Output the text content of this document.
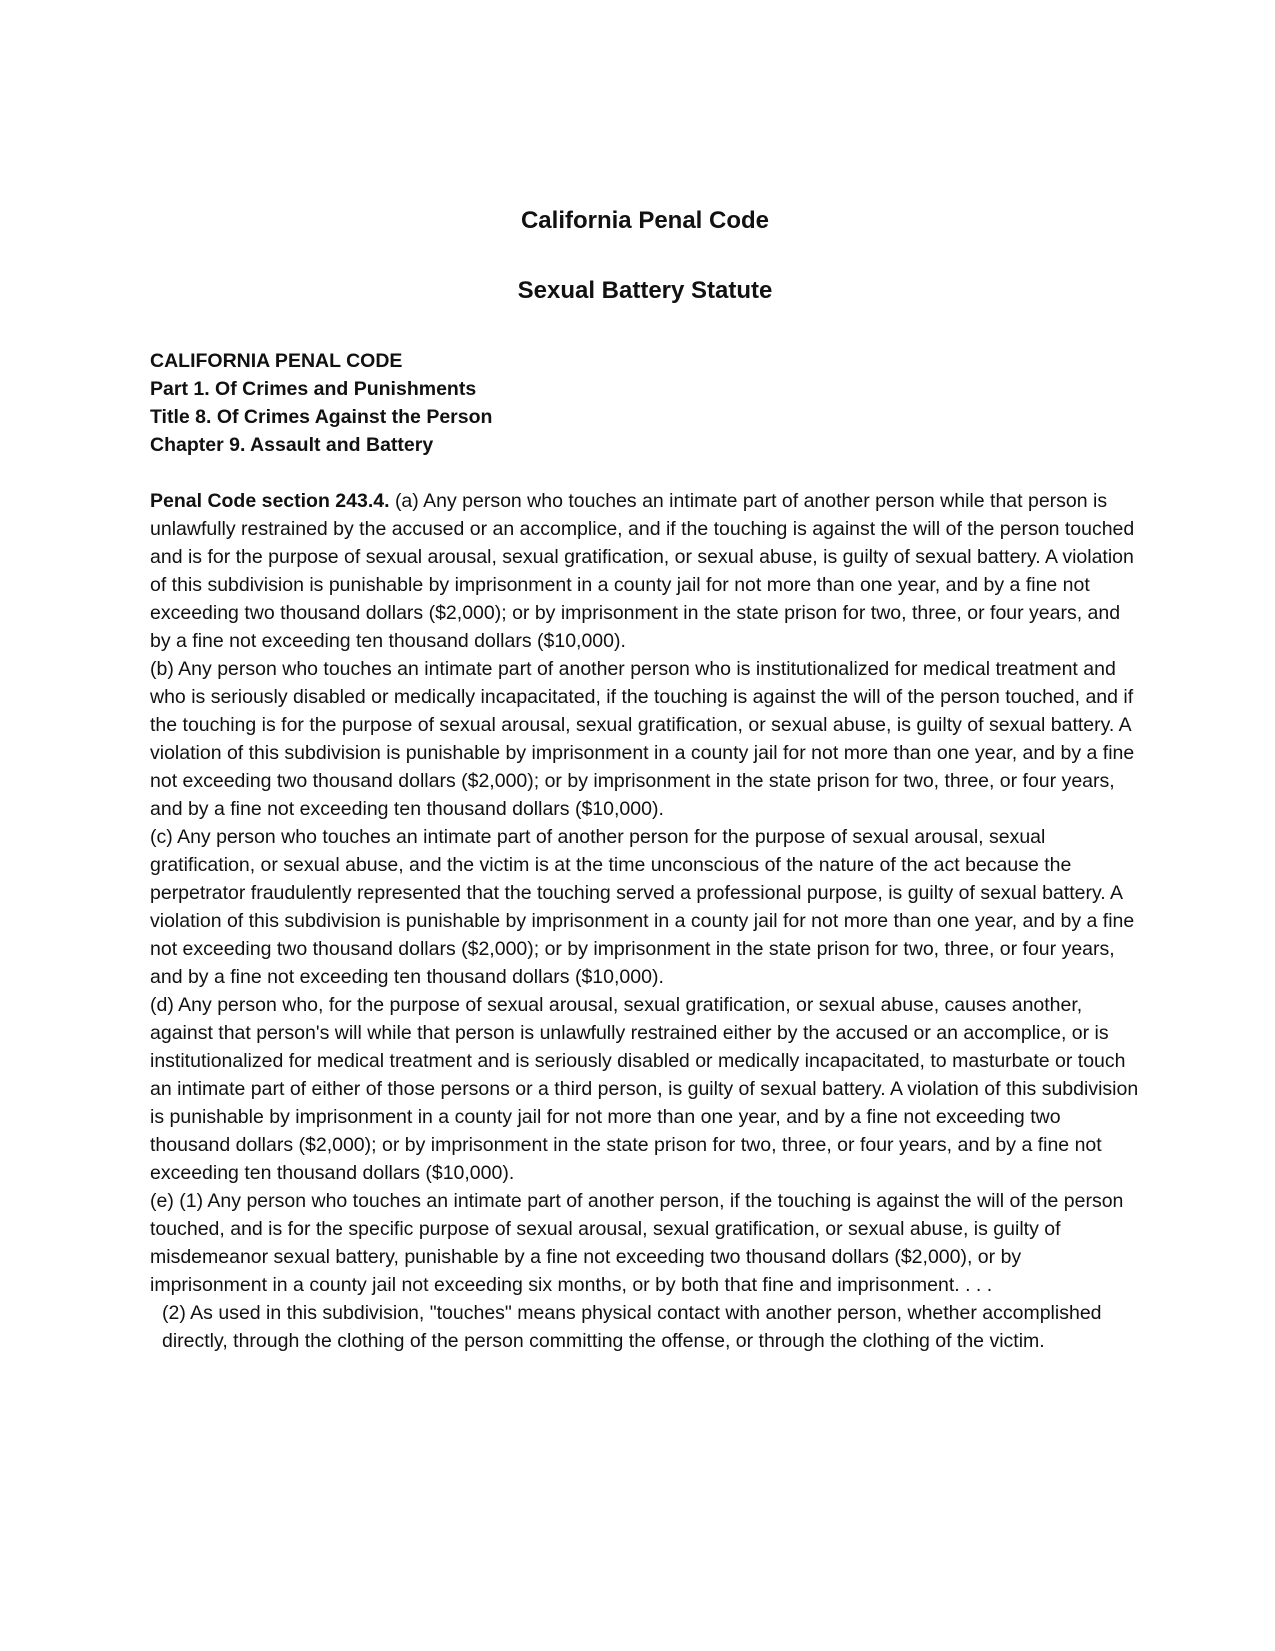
California Penal Code
Sexual Battery Statute
CALIFORNIA PENAL CODE
Part 1. Of Crimes and Punishments
Title 8. Of Crimes Against the Person
Chapter 9. Assault and Battery

Penal Code section 243.4. (a) Any person who touches an intimate part of another person while that person is unlawfully restrained by the accused or an accomplice, and if the touching is against the will of the person touched and is for the purpose of sexual arousal, sexual gratification, or sexual abuse, is guilty of sexual battery. A violation of this subdivision is punishable by imprisonment in a county jail for not more than one year, and by a fine not exceeding two thousand dollars ($2,000); or by imprisonment in the state prison for two, three, or four years, and by a fine not exceeding ten thousand dollars ($10,000).

(b) Any person who touches an intimate part of another person who is institutionalized for medical treatment and who is seriously disabled or medically incapacitated, if the touching is against the will of the person touched, and if the touching is for the purpose of sexual arousal, sexual gratification, or sexual abuse, is guilty of sexual battery. A violation of this subdivision is punishable by imprisonment in a county jail for not more than one year, and by a fine not exceeding two thousand dollars ($2,000); or by imprisonment in the state prison for two, three, or four years, and by a fine not exceeding ten thousand dollars ($10,000).

(c) Any person who touches an intimate part of another person for the purpose of sexual arousal, sexual gratification, or sexual abuse, and the victim is at the time unconscious of the nature of the act because the perpetrator fraudulently represented that the touching served a professional purpose, is guilty of sexual battery. A violation of this subdivision is punishable by imprisonment in a county jail for not more than one year, and by a fine not exceeding two thousand dollars ($2,000); or by imprisonment in the state prison for two, three, or four years, and by a fine not exceeding ten thousand dollars ($10,000).

(d) Any person who, for the purpose of sexual arousal, sexual gratification, or sexual abuse, causes another, against that person's will while that person is unlawfully restrained either by the accused or an accomplice, or is institutionalized for medical treatment and is seriously disabled or medically incapacitated, to masturbate or touch an intimate part of either of those persons or a third person, is guilty of sexual battery. A violation of this subdivision is punishable by imprisonment in a county jail for not more than one year, and by a fine not exceeding two thousand dollars ($2,000); or by imprisonment in the state prison for two, three, or four years, and by a fine not exceeding ten thousand dollars ($10,000).

(e) (1) Any person who touches an intimate part of another person, if the touching is against the will of the person touched, and is for the specific purpose of sexual arousal, sexual gratification, or sexual abuse, is guilty of misdemeanor sexual battery, punishable by a fine not exceeding two thousand dollars ($2,000), or by imprisonment in a county jail not exceeding six months, or by both that fine and imprisonment. . . .

(2) As used in this subdivision, "touches" means physical contact with another person, whether accomplished directly, through the clothing of the person committing the offense, or through the clothing of the victim.
